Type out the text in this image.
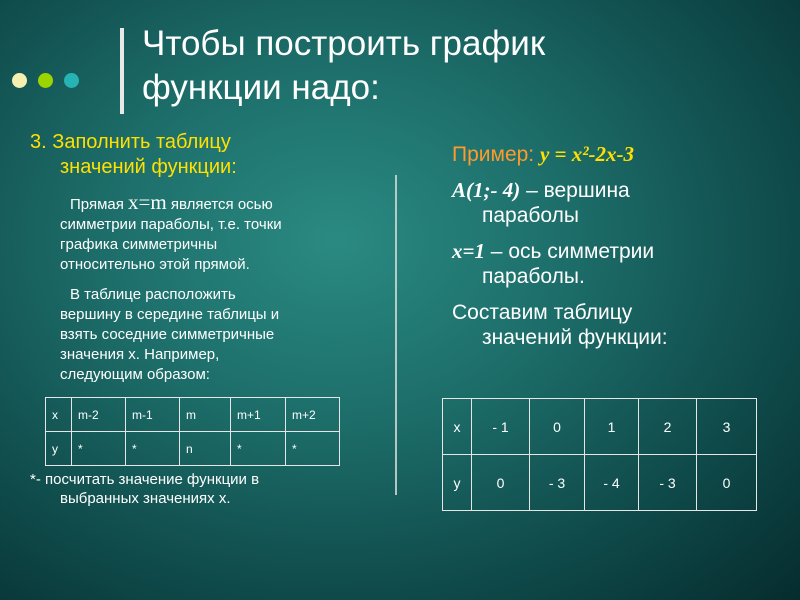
Чтобы построить график
функции надо:

3. Заполнить таблицу
значений функции:

Прямая x=m является осью
симметрии параболы, т.е. точки
графика симметричны
относительно этой прямой.

В таблице расположить
вершину в середине таблицы и
взять соседние симметричные
значения х. Например,
следующим образом:

х	m-2	m-1	m	m+1	m+2
у	*	*	n	*	*

*- посчитать значение функции в
выбранных значениях х.

Пример: y = x²-2x-3

A(1;- 4) – вершина
параболы

x=1 – ось симметрии
параболы.

Составим таблицу
значений функции:

х	- 1	0	1	2	3
у	0	- 3	- 4	- 3	0
